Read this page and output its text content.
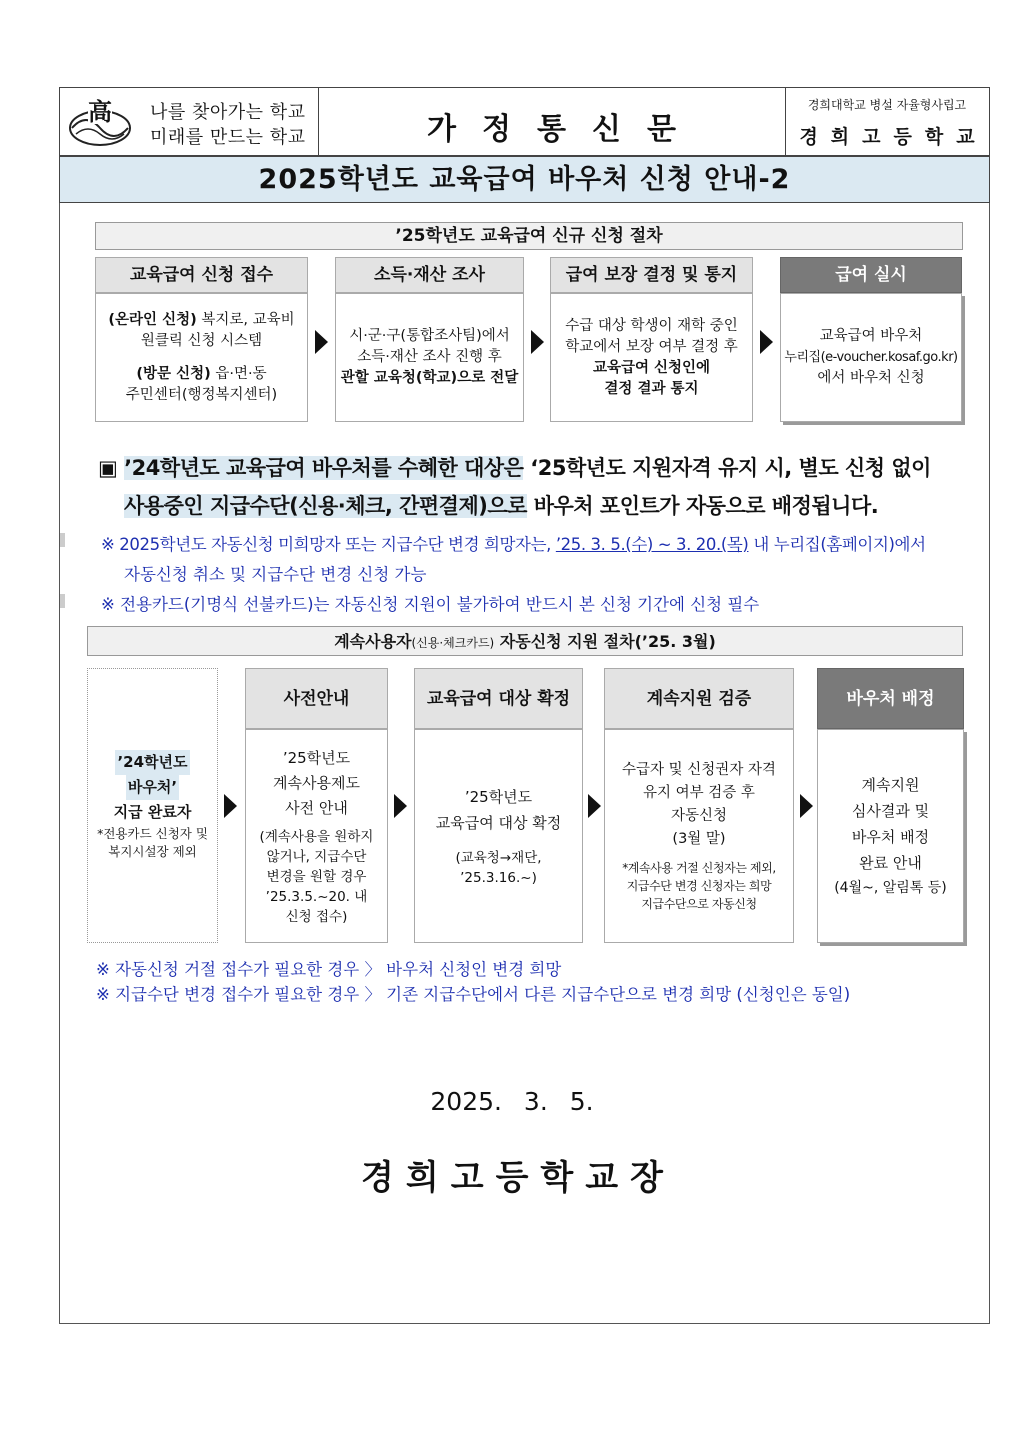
高 나를 찾아가는 학교
미래를 만드는 학교	가정통신문
경희대학교 병설 자율형사립고
경희고등학교
2025학년도 교육급여 바우처 신청 안내-2
’25학년도 교육급여 신규 신청 절차
교육급여 신청 접수
(온라인 신청) 복지로, 교육비
원클릭 신청 시스템
(방문 신청) 읍·면·동
주민센터(행정복지센터)
소득·재산 조사
시·군·구(통합조사팀)에서
소득·재산 조사 진행 후
관할 교육청(학교)으로 전달
급여 보장 결정 및 통지
수급 대상 학생이 재학 중인
학교에서 보장 여부 결정 후
교육급여 신청인에
결정 결과 통지
급여 실시
교육급여 바우처
누리집(e-voucher.kosaf.go.kr)
에서 바우처 신청
▣ ’24학년도 교육급여 바우처를 수혜한 대상은 ‘25학년도 지원자격 유지 시, 별도 신청 없이
사용중인 지급수단(신용·체크, 간편결제)으로 바우처 포인트가 자동으로 배정됩니다.
※ 2025학년도 자동신청 미희망자 또는 지급수단 변경 희망자는, ’25. 3. 5.(수) ~ 3. 20.(목) 내 누리집(홈페이지)에서
자동신청 취소 및 지급수단 변경 신청 가능
※ 전용카드(기명식 선불카드)는 자동신청 지원이 불가하여 반드시 본 신청 기간에 신청 필수
계속사용자(신용·체크카드) 자동신청 지원 절차(’25. 3월)
’24학년도
바우처’
지급 완료자
*전용카드 신청자 및
복지시설장 제외
사전안내
’25학년도
계속사용제도
사전 안내
(계속사용을 원하지
않거나, 지급수단
변경을 원할 경우
’25.3.5.~20. 내
신청 접수)
교육급여 대상 확정
’25학년도
교육급여 대상 확정
(교육청→재단,
’25.3.16.~)
계속지원 검증
수급자 및 신청권자 자격
유지 여부 검증 후
자동신청
(3월 말)
*계속사용 거절 신청자는 제외,
지급수단 변경 신청자는 희망
지급수단으로 자동신청
바우처 배정
계속지원
심사결과 및
바우처 배정
완료 안내
(4월~, 알림톡 등)
※ 자동신청 거절 접수가 필요한 경우 〉 바우처 신청인 변경 희망
※ 지급수단 변경 접수가 필요한 경우 〉 기존 지급수단에서 다른 지급수단으로 변경 희망 (신청인은 동일)
2025. 3. 5.
경희고등학교장
